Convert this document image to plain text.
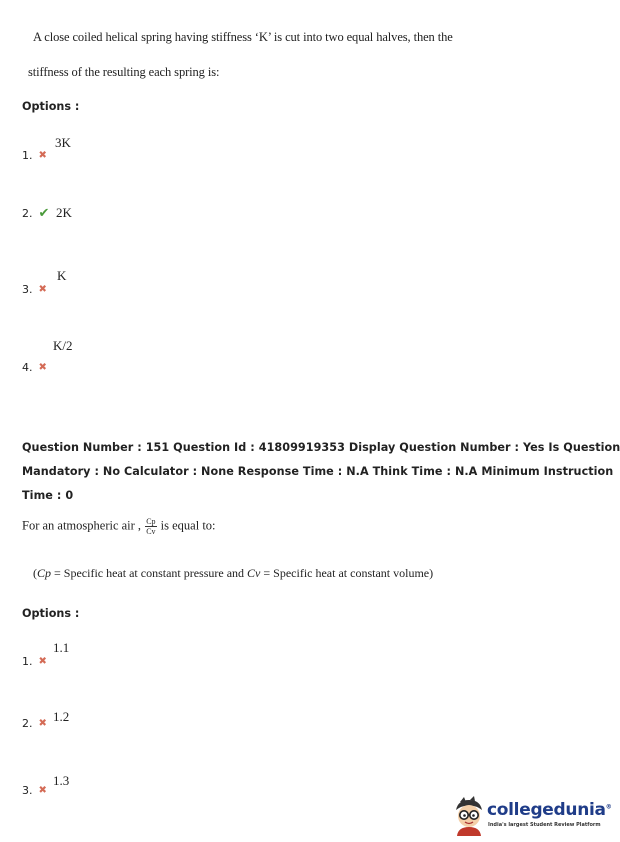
A close coiled helical spring having stiffness ‘K’ is cut into two equal halves, then the
stiffness of the resulting each spring is:
Options :
3K
1. ✖
2. ✔ 2K
K
3. ✖
K/2
4. ✖
Question Number : 151 Question Id : 41809919353 Display Question Number : Yes Is Question
Mandatory : No Calculator : None Response Time : N.A Think Time : N.A Minimum Instruction
Time : 0
For an atmospheric air , $\frac{Cp}{Cv}$ is equal to:
(Cp = Specific heat at constant pressure and Cv = Specific heat at constant volume)
Options :
1.1
1. ✖
1.2
2. ✖
1.3
3. ✖
collegedunia®
India's largest Student Review Platform
